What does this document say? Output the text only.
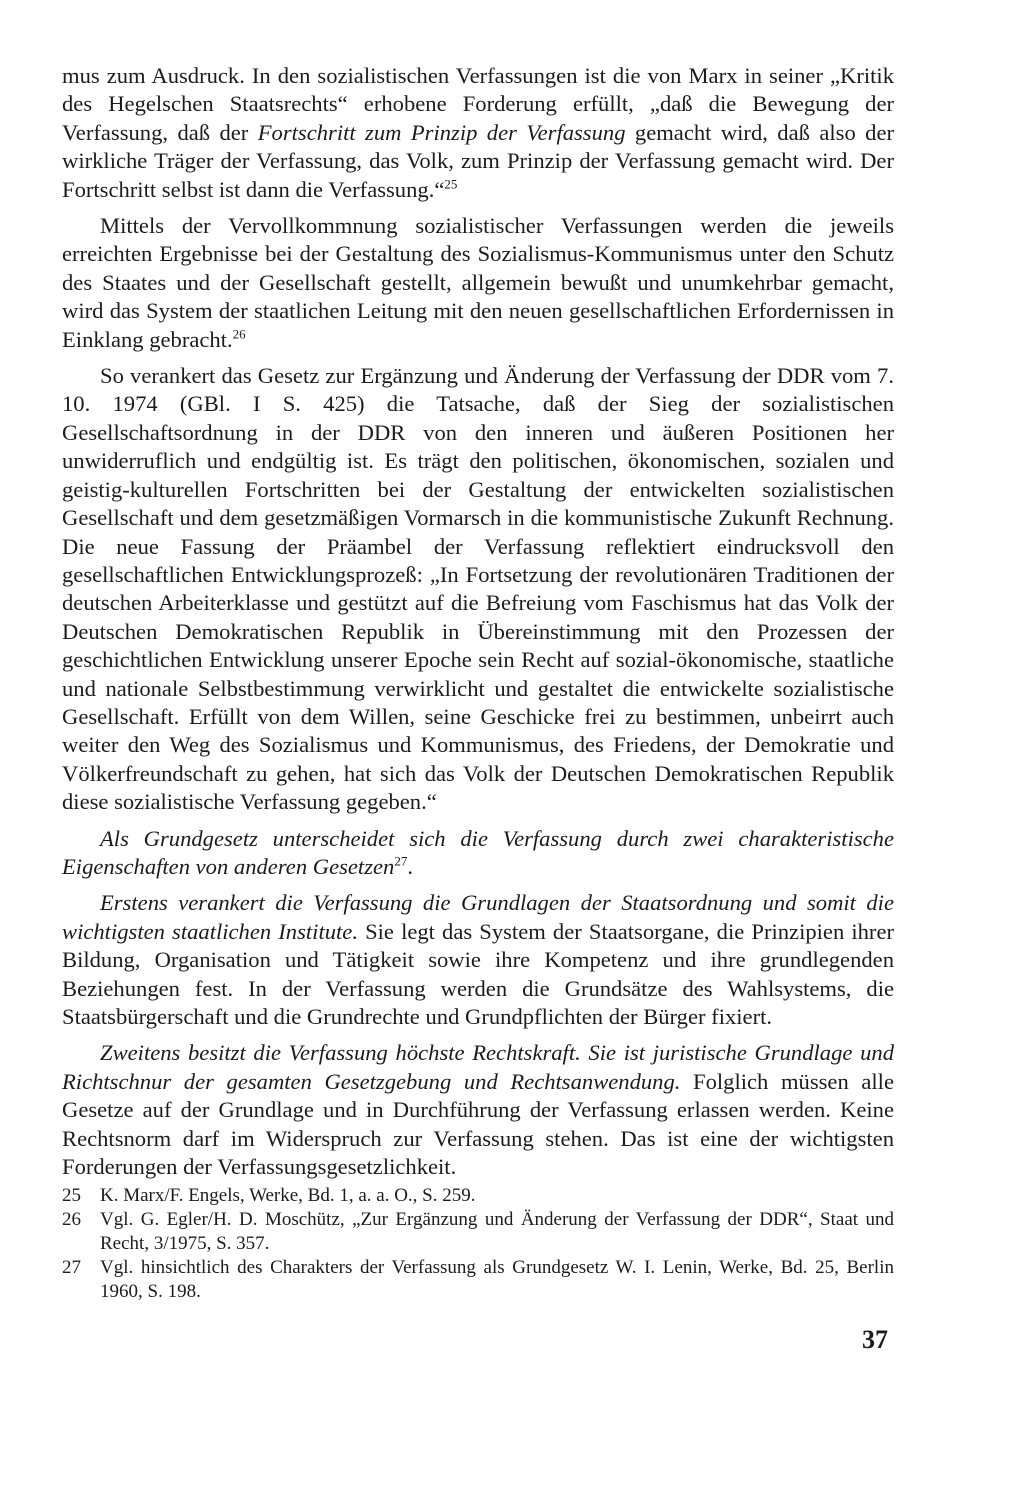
mus zum Ausdruck. In den sozialistischen Verfassungen ist die von Marx in seiner „Kritik des Hegelschen Staatsrechts“ erhobene Forderung erfüllt, „daß die Bewegung der Verfassung, daß der Fortschritt zum Prinzip der Verfassung gemacht wird, daß also der wirkliche Träger der Verfassung, das Volk, zum Prinzip der Verfassung gemacht wird. Der Fortschritt selbst ist dann die Verfassung.“$^{25}$

Mittels der Vervollkommnung sozialistischer Verfassungen werden die jeweils erreichten Ergebnisse bei der Gestaltung des Sozialismus-Kommunismus unter den Schutz des Staates und der Gesellschaft gestellt, allgemein bewußt und unumkehrbar gemacht, wird das System der staatlichen Leitung mit den neuen gesellschaftlichen Erfordernissen in Einklang gebracht.$^{26}$

So verankert das Gesetz zur Ergänzung und Änderung der Verfassung der DDR vom 7. 10. 1974 (GBl. I S. 425) die Tatsache, daß der Sieg der sozialistischen Gesellschaftsordnung in der DDR von den inneren und äußeren Positionen her unwiderruflich und endgültig ist. Es trägt den politischen, ökonomischen, sozialen und geistig-kulturellen Fortschritten bei der Gestaltung der entwickelten sozialistischen Gesellschaft und dem gesetzmäßigen Vormarsch in die kommunistische Zukunft Rechnung. Die neue Fassung der Präambel der Verfassung reflektiert eindrucksvoll den gesellschaftlichen Entwicklungsprozeß: „In Fortsetzung der revolutionären Traditionen der deutschen Arbeiterklasse und gestützt auf die Befreiung vom Faschismus hat das Volk der Deutschen Demokratischen Republik in Übereinstimmung mit den Prozessen der geschichtlichen Entwicklung unserer Epoche sein Recht auf sozial-ökonomische, staatliche und nationale Selbstbestimmung verwirklicht und gestaltet die entwickelte sozialistische Gesellschaft. Erfüllt von dem Willen, seine Geschicke frei zu bestimmen, unbeirrt auch weiter den Weg des Sozialismus und Kommunismus, des Friedens, der Demokratie und Völkerfreundschaft zu gehen, hat sich das Volk der Deutschen Demokratischen Republik diese sozialistische Verfassung gegeben.“

Als Grundgesetz unterscheidet sich die Verfassung durch zwei charakteristische Eigenschaften von anderen Gesetzen$^{27}$.

Erstens verankert die Verfassung die Grundlagen der Staatsordnung und somit die wichtigsten staatlichen Institute. Sie legt das System der Staatsorgane, die Prinzipien ihrer Bildung, Organisation und Tätigkeit sowie ihre Kompetenz und ihre grundlegenden Beziehungen fest. In der Verfassung werden die Grundsätze des Wahlsystems, die Staatsbürgerschaft und die Grundrechte und Grundpflichten der Bürger fixiert.

Zweitens besitzt die Verfassung höchste Rechtskraft. Sie ist juristische Grundlage und Richtschnur der gesamten Gesetzgebung und Rechtsanwendung. Folglich müssen alle Gesetze auf der Grundlage und in Durchführung der Verfassung erlassen werden. Keine Rechtsnorm darf im Widerspruch zur Verfassung stehen. Das ist eine der wichtigsten Forderungen der Verfassungsgesetzlichkeit.

25	K. Marx/F. Engels, Werke, Bd. 1, a. a. O., S. 259.
26	Vgl. G. Egler/H. D. Moschütz, „Zur Ergänzung und Änderung der Verfassung der DDR“, Staat und Recht, 3/1975, S. 357.
27	Vgl. hinsichtlich des Charakters der Verfassung als Grundgesetz W. I. Lenin, Werke, Bd. 25, Berlin 1960, S. 198.
37
